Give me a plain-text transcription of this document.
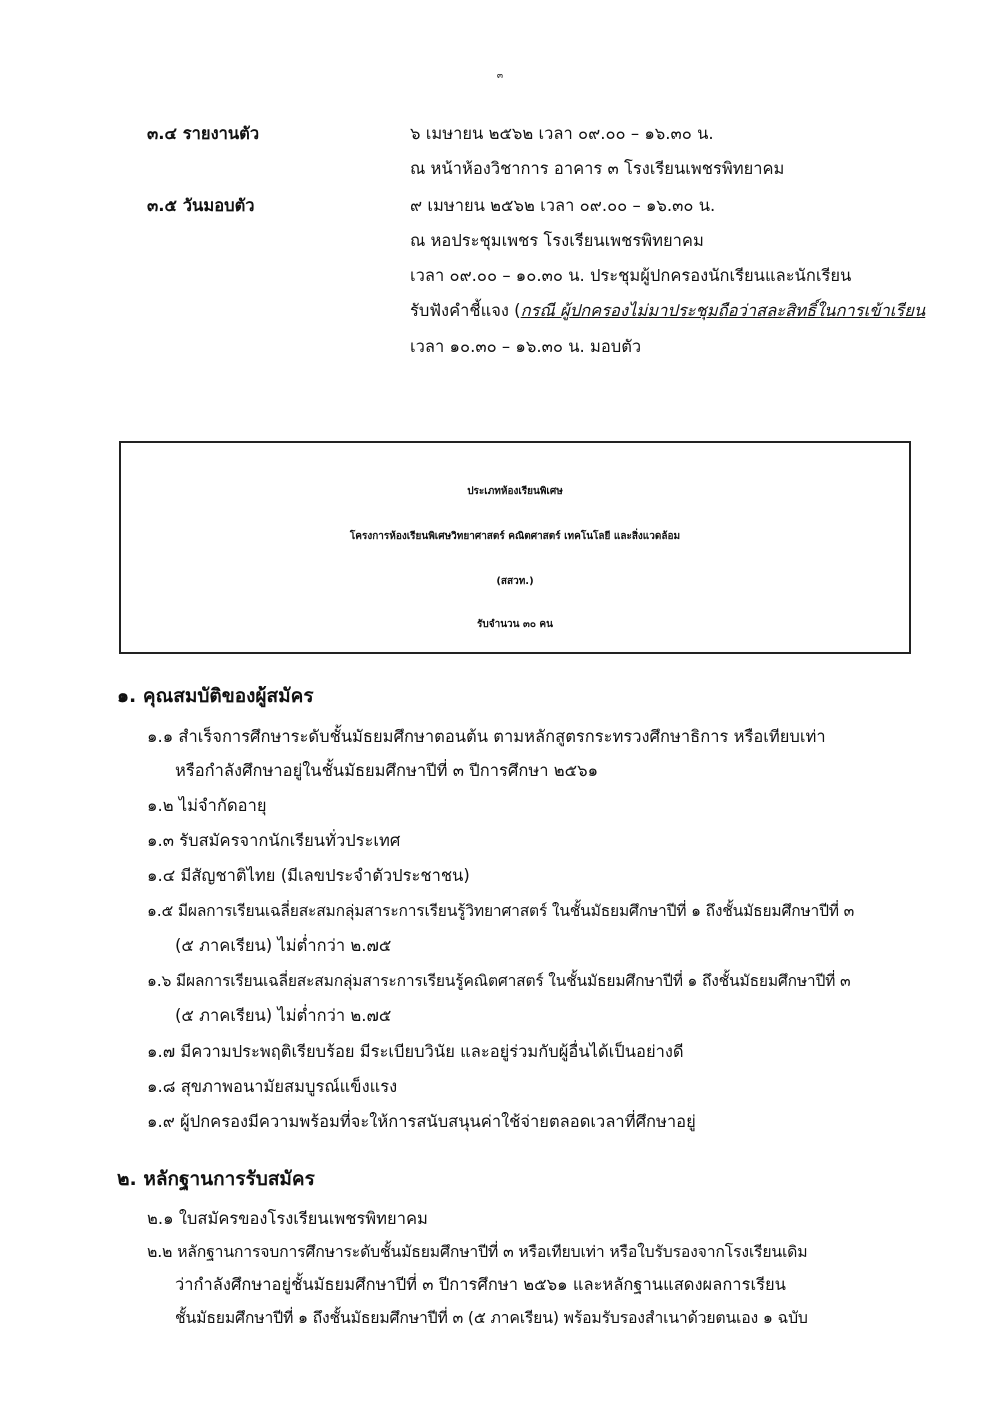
๓
๓.๔ รายงานตัว	๖ เมษายน ๒๕๖๒ เวลา ๐๙.๐๐ – ๑๖.๓๐ น.
ณ หน้าห้องวิชาการ อาคาร ๓ โรงเรียนเพชรพิทยาคม
๓.๕ วันมอบตัว	๙ เมษายน ๒๕๖๒ เวลา ๐๙.๐๐ – ๑๖.๓๐ น.
ณ หอประชุมเพชร โรงเรียนเพชรพิทยาคม
เวลา ๐๙.๐๐ – ๑๐.๓๐ น. ประชุมผู้ปกครองนักเรียนและนักเรียน
รับฟังคำชี้แจง (กรณี ผู้ปกครองไม่มาประชุมถือว่าสละสิทธิ์ในการเข้าเรียน
เวลา ๑๐.๓๐ – ๑๖.๓๐ น. มอบตัว
ประเภทห้องเรียนพิเศษ
โครงการห้องเรียนพิเศษวิทยาศาสตร์ คณิตศาสตร์ เทคโนโลยี และสิ่งแวดล้อม
(สสวท.)
รับจำนวน ๓๐ คน
๑. คุณสมบัติของผู้สมัคร
๑.๑ สำเร็จการศึกษาระดับชั้นมัธยมศึกษาตอนต้น ตามหลักสูตรกระทรวงศึกษาธิการ หรือเทียบเท่า
หรือกำลังศึกษาอยู่ในชั้นมัธยมศึกษาปีที่ ๓ ปีการศึกษา ๒๕๖๑
๑.๒ ไม่จำกัดอายุ
๑.๓ รับสมัครจากนักเรียนทั่วประเทศ
๑.๔ มีสัญชาติไทย (มีเลขประจำตัวประชาชน)
๑.๕ มีผลการเรียนเฉลี่ยสะสมกลุ่มสาระการเรียนรู้วิทยาศาสตร์ ในชั้นมัธยมศึกษาปีที่ ๑ ถึงชั้นมัธยมศึกษาปีที่ ๓
(๕ ภาคเรียน) ไม่ต่ำกว่า ๒.๗๕
๑.๖ มีผลการเรียนเฉลี่ยสะสมกลุ่มสาระการเรียนรู้คณิตศาสตร์ ในชั้นมัธยมศึกษาปีที่ ๑ ถึงชั้นมัธยมศึกษาปีที่ ๓
(๕ ภาคเรียน) ไม่ต่ำกว่า ๒.๗๕
๑.๗ มีความประพฤติเรียบร้อย มีระเบียบวินัย และอยู่ร่วมกับผู้อื่นได้เป็นอย่างดี
๑.๘ สุขภาพอนามัยสมบูรณ์แข็งแรง
๑.๙ ผู้ปกครองมีความพร้อมที่จะให้การสนับสนุนค่าใช้จ่ายตลอดเวลาที่ศึกษาอยู่
๒. หลักฐานการรับสมัคร
๒.๑ ใบสมัครของโรงเรียนเพชรพิทยาคม
๒.๒ หลักฐานการจบการศึกษาระดับชั้นมัธยมศึกษาปีที่ ๓ หรือเทียบเท่า หรือใบรับรองจากโรงเรียนเดิม
ว่ากำลังศึกษาอยู่ชั้นมัธยมศึกษาปีที่ ๓ ปีการศึกษา ๒๕๖๑ และหลักฐานแสดงผลการเรียน
ชั้นมัธยมศึกษาปีที่ ๑ ถึงชั้นมัธยมศึกษาปีที่ ๓ (๕ ภาคเรียน) พร้อมรับรองสำเนาด้วยตนเอง ๑ ฉบับ
